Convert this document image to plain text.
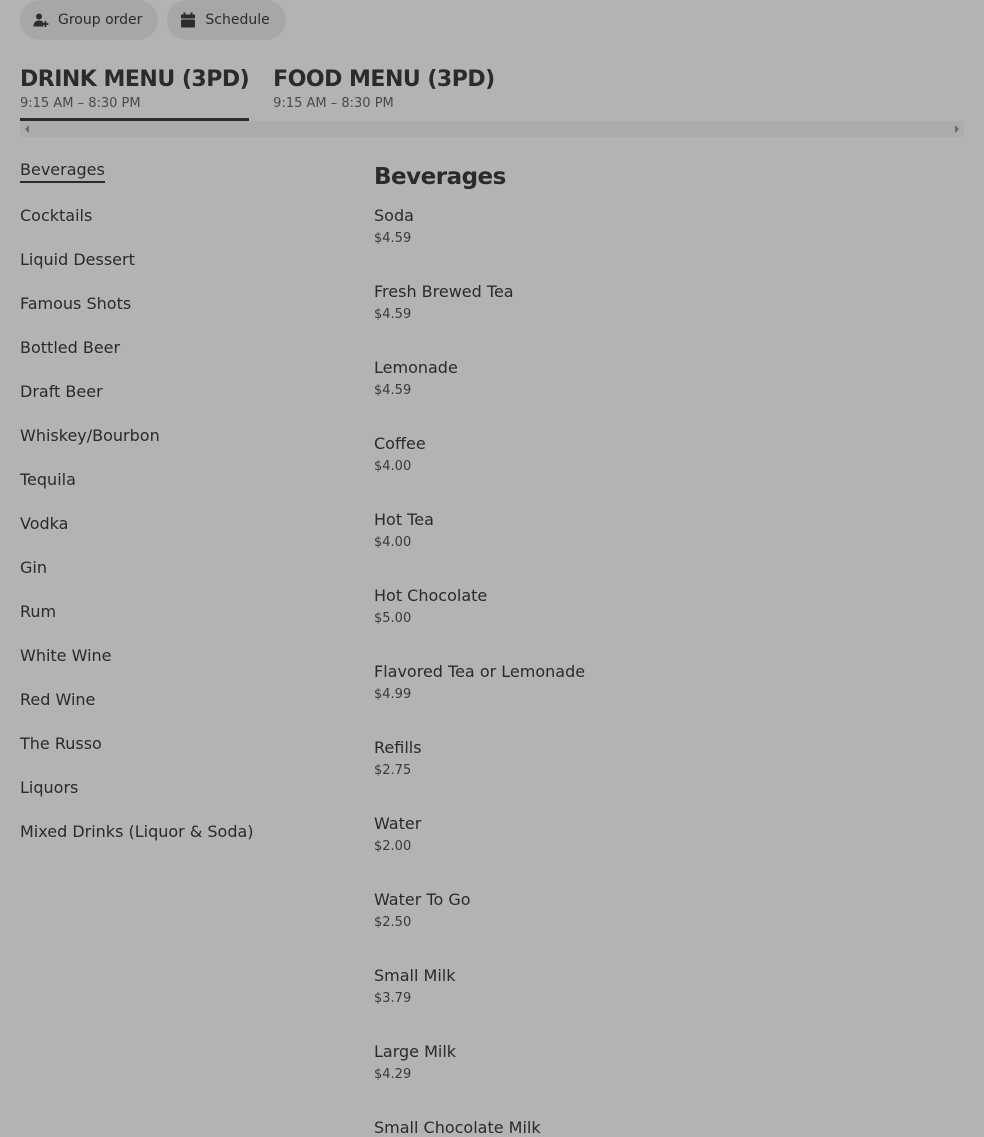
Group order	Schedule
DRINK MENU (3PD)
9:15 AM – 8:30 PM
FOOD MENU (3PD)
9:15 AM – 8:30 PM
Beverages
Cocktails
Liquid Dessert
Famous Shots
Bottled Beer
Draft Beer
Whiskey/Bourbon
Tequila
Vodka
Gin
Rum
White Wine
Red Wine
The Russo
Liquors
Mixed Drinks (Liquor & Soda)
Beverages
Soda
$4.59
Fresh Brewed Tea
$4.59
Lemonade
$4.59
Coffee
$4.00
Hot Tea
$4.00
Hot Chocolate
$5.00
Flavored Tea or Lemonade
$4.99
Refills
$2.75
Water
$2.00
Water To Go
$2.50
Small Milk
$3.79
Large Milk
$4.29
Small Chocolate Milk
